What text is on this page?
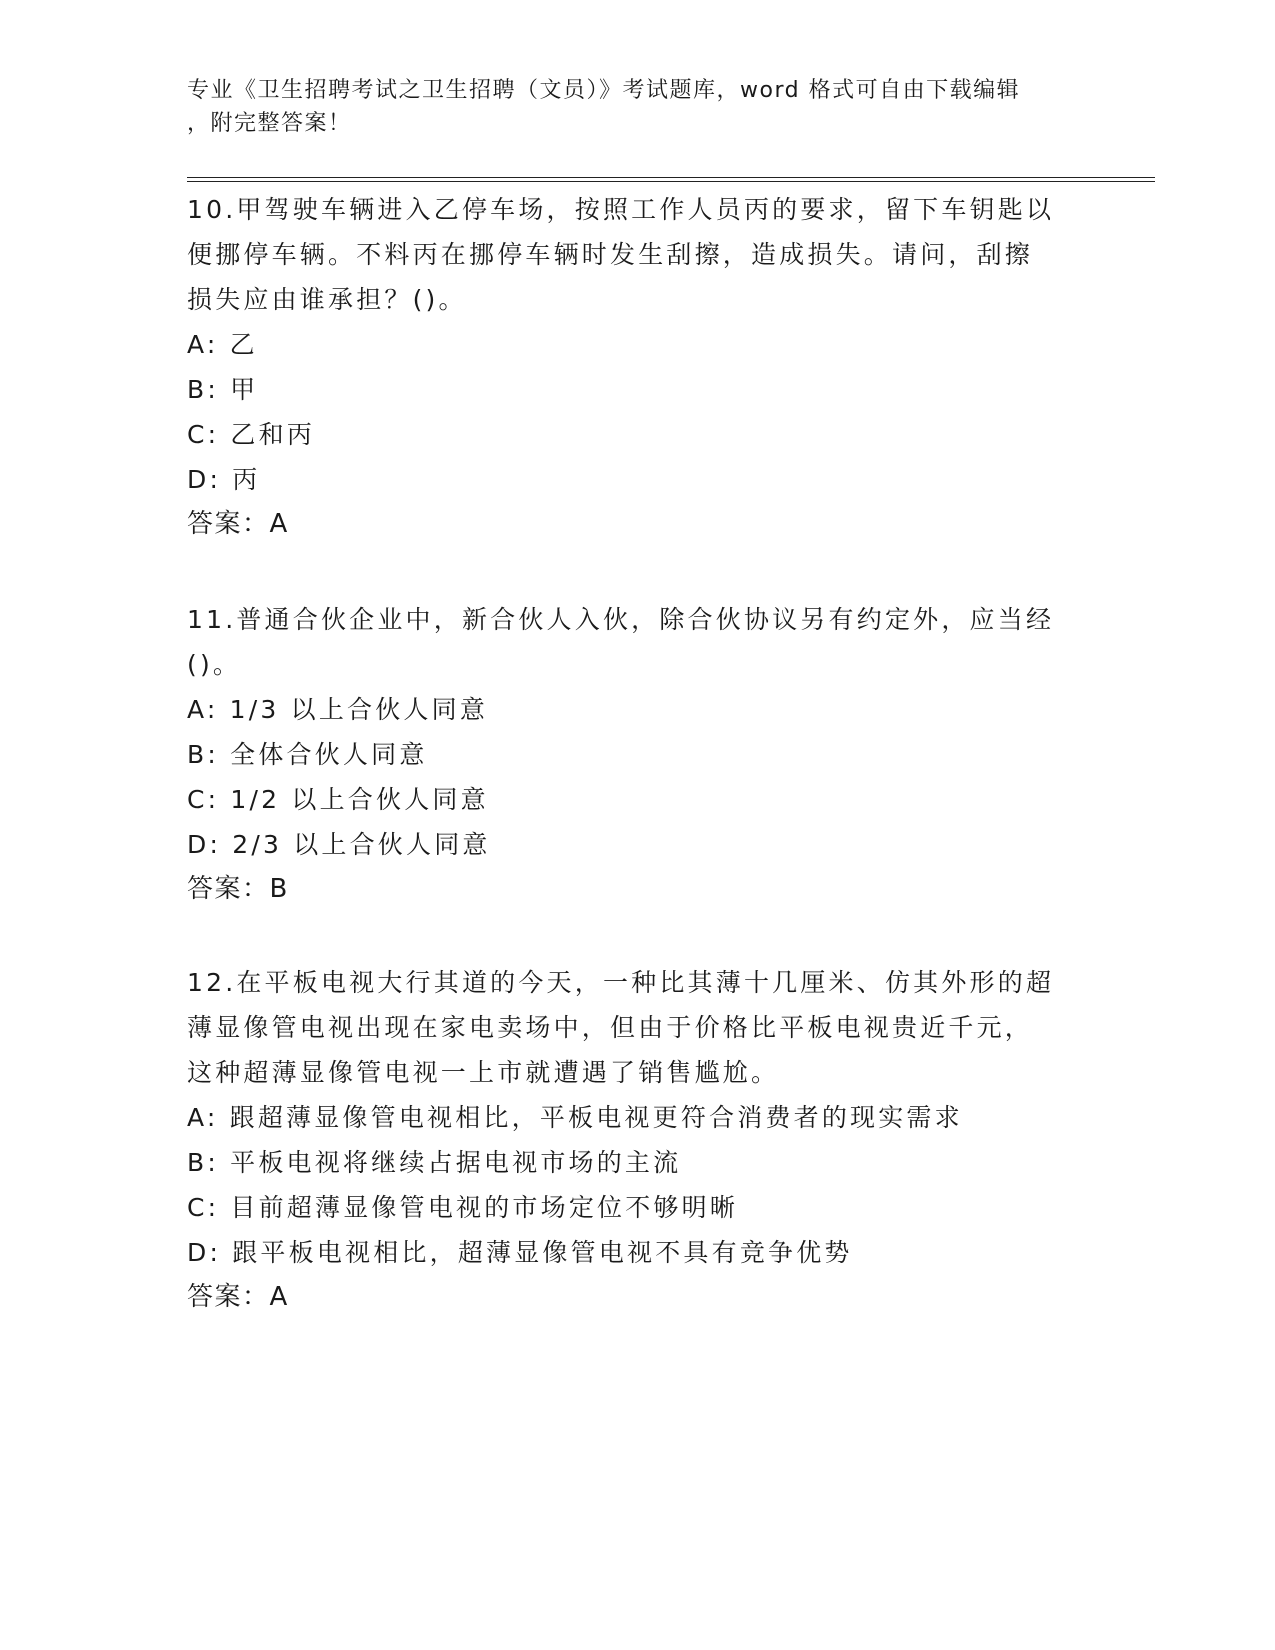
专业《卫生招聘考试之卫生招聘（文员）》考试题库，word 格式可自由下载编辑
，附完整答案！
10.甲驾驶车辆进入乙停车场，按照工作人员丙的要求，留下车钥匙以
便挪停车辆。不料丙在挪停车辆时发生刮擦，造成损失。请问，刮擦
损失应由谁承担？()。
A: 乙
B: 甲
C: 乙和丙
D: 丙
答案：A
11.普通合伙企业中，新合伙人入伙，除合伙协议另有约定外，应当经
()。
A: 1/3 以上合伙人同意
B: 全体合伙人同意
C: 1/2 以上合伙人同意
D: 2/3 以上合伙人同意
答案：B
12.在平板电视大行其道的今天，一种比其薄十几厘米、仿其外形的超
薄显像管电视出现在家电卖场中，但由于价格比平板电视贵近千元，
这种超薄显像管电视一上市就遭遇了销售尴尬。
A: 跟超薄显像管电视相比，平板电视更符合消费者的现实需求
B: 平板电视将继续占据电视市场的主流
C: 目前超薄显像管电视的市场定位不够明晰
D: 跟平板电视相比，超薄显像管电视不具有竞争优势
答案：A
